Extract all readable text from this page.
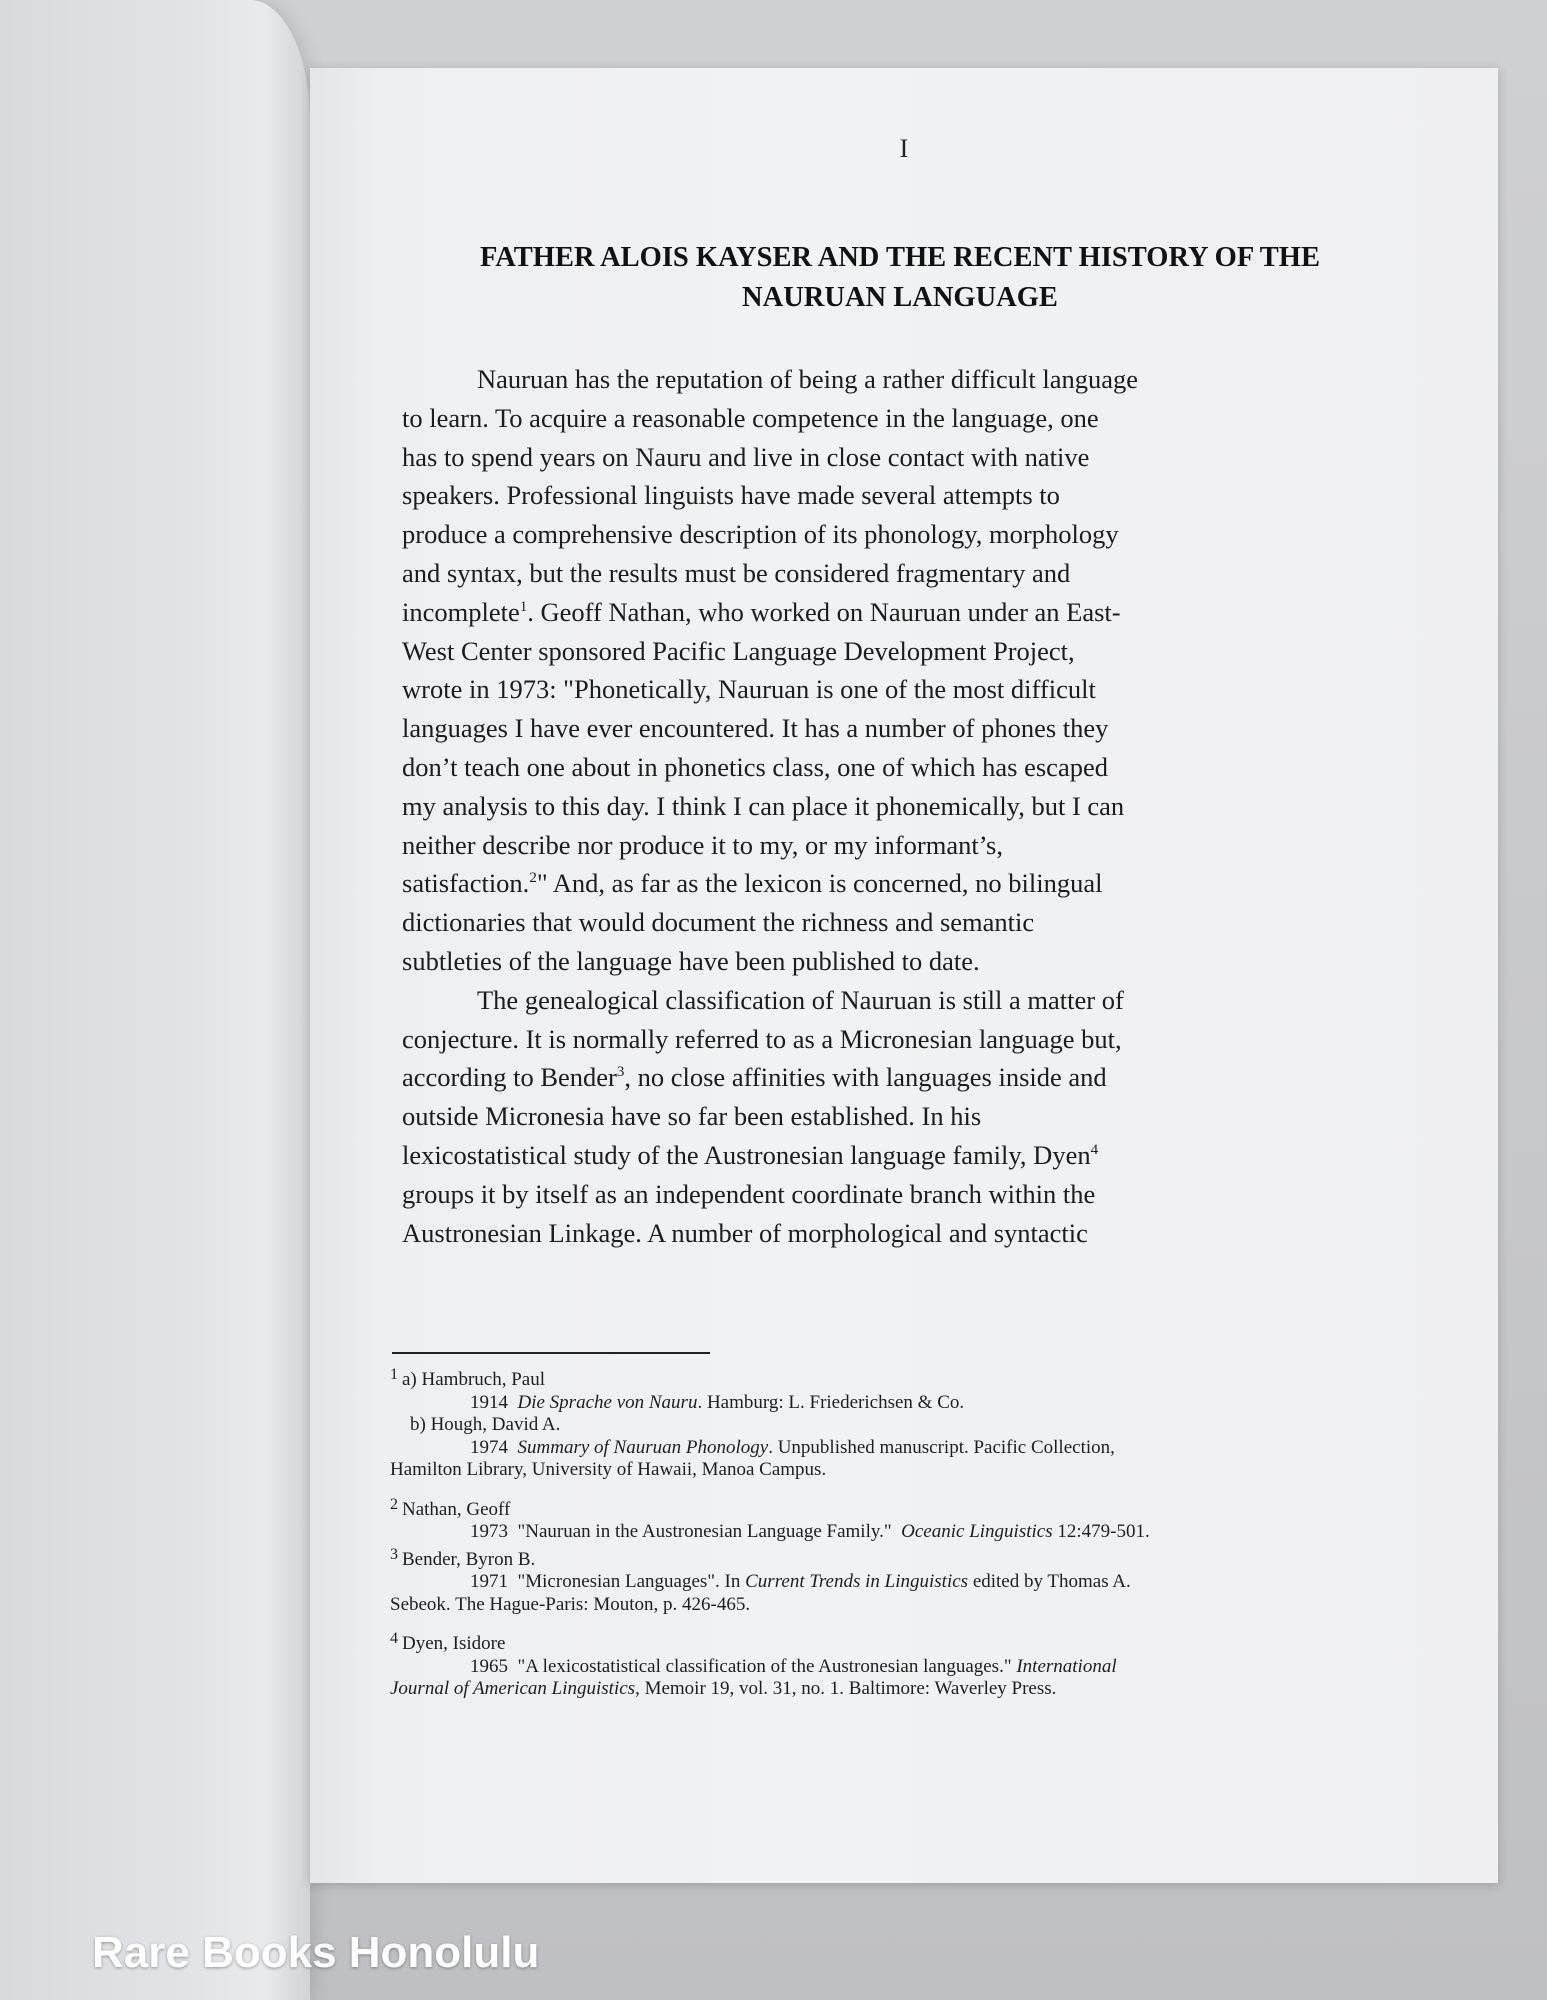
I
FATHER ALOIS KAYSER AND THE RECENT HISTORY OF THE
NAURUAN LANGUAGE
Nauruan has the reputation of being a rather difficult language
to learn. To acquire a reasonable competence in the language, one
has to spend years on Nauru and live in close contact with native
speakers. Professional linguists have made several attempts to
produce a comprehensive description of its phonology, morphology
and syntax, but the results must be considered fragmentary and
incomplete$^1$. Geoff Nathan, who worked on Nauruan under an East-
West Center sponsored Pacific Language Development Project,
wrote in 1973: "Phonetically, Nauruan is one of the most difficult
languages I have ever encountered. It has a number of phones they
don’t teach one about in phonetics class, one of which has escaped
my analysis to this day. I think I can place it phonemically, but I can
neither describe nor produce it to my, or my informant’s,
satisfaction.$^2$" And, as far as the lexicon is concerned, no bilingual
dictionaries that would document the richness and semantic
subtleties of the language have been published to date.
The genealogical classification of Nauruan is still a matter of
conjecture. It is normally referred to as a Micronesian language but,
according to Bender$^3$, no close affinities with languages inside and
outside Micronesia have so far been established. In his
lexicostatistical study of the Austronesian language family, Dyen$^4$
groups it by itself as an independent coordinate branch within the
Austronesian Linkage. A number of morphological and syntactic
$^1$ a) Hambruch, Paul
1914 Die Sprache von Nauru. Hamburg: L. Friederichsen & Co.
b) Hough, David A.
1974 Summary of Nauruan Phonology. Unpublished manuscript. Pacific Collection,
Hamilton Library, University of Hawaii, Manoa Campus.
$^2$ Nathan, Geoff
1973 "Nauruan in the Austronesian Language Family." Oceanic Linguistics 12:479-501.
$^3$ Bender, Byron B.
1971 "Micronesian Languages". In Current Trends in Linguistics edited by Thomas A.
Sebeok. The Hague-Paris: Mouton, p. 426-465.
$^4$ Dyen, Isidore
1965 "A lexicostatistical classification of the Austronesian languages." International
Journal of American Linguistics, Memoir 19, vol. 31, no. 1. Baltimore: Waverley Press.
Rare Books Honolulu
